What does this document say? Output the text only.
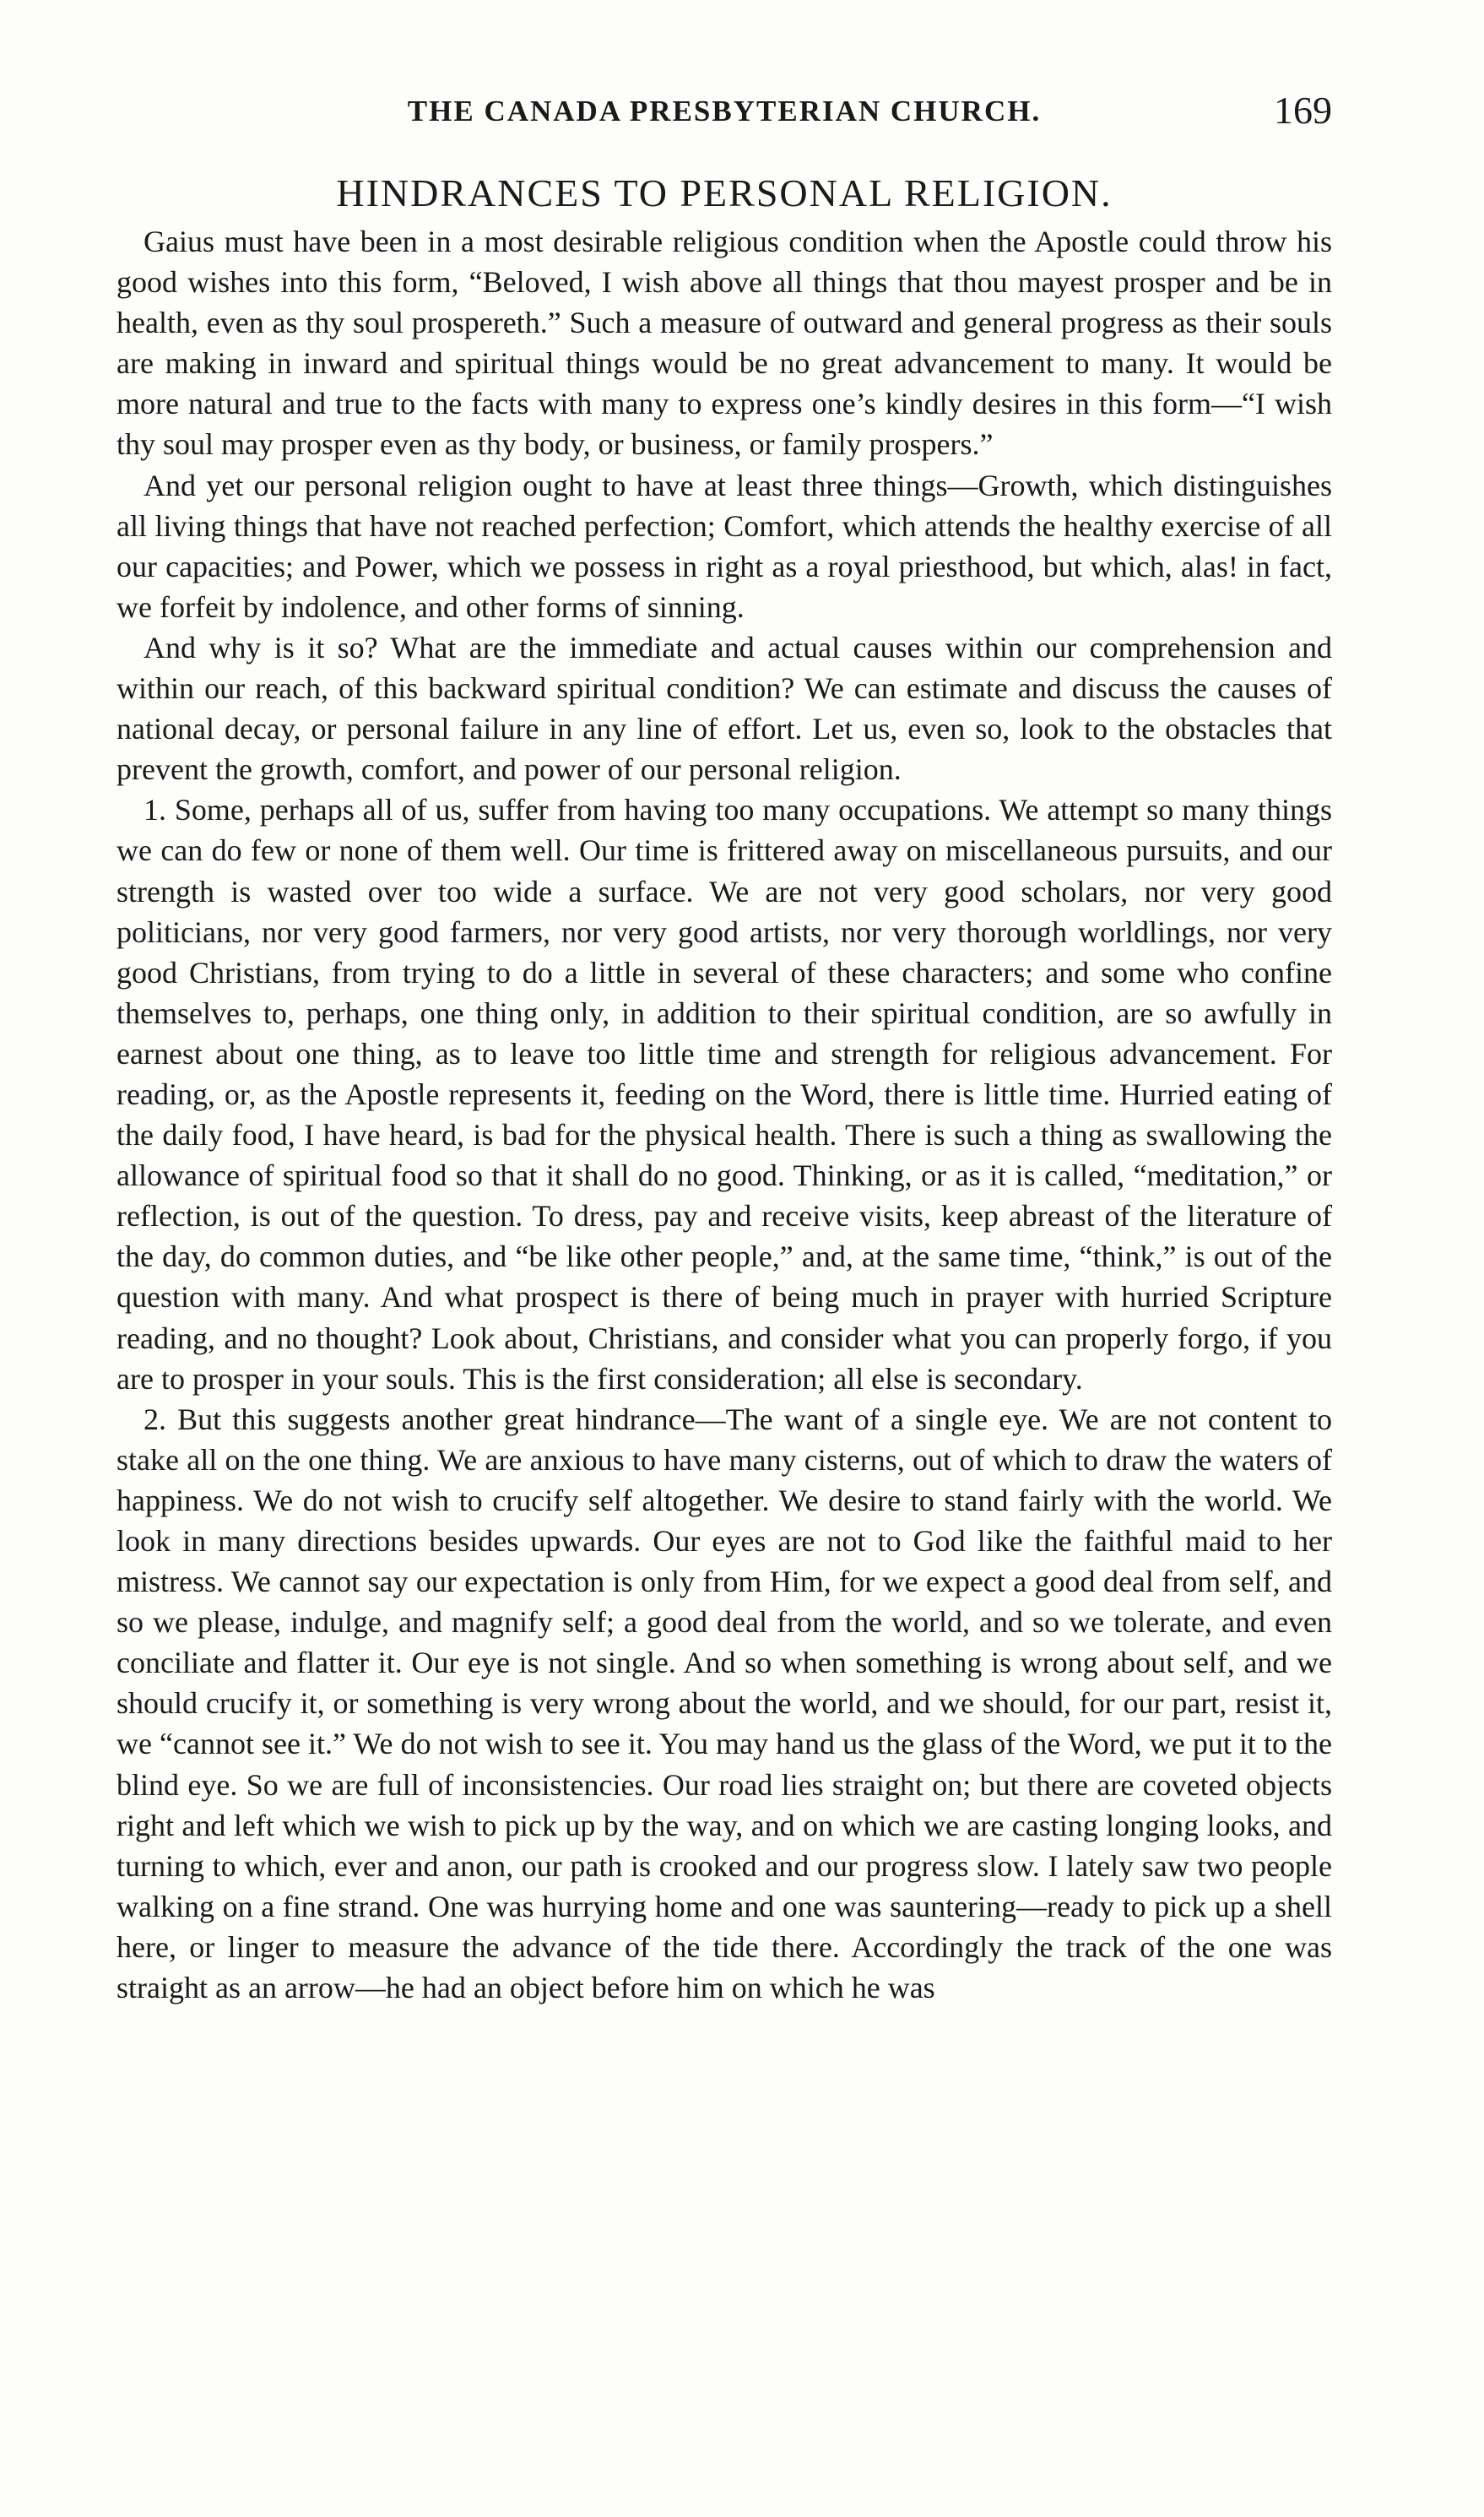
THE CANADA PRESBYTERIAN CHURCH.	169
HINDRANCES TO PERSONAL RELIGION.

Gaius must have been in a most desirable religious condition when the Apostle could throw his good wishes into this form, “Beloved, I wish above all things that thou mayest prosper and be in health, even as thy soul prospereth.” Such a measure of outward and general progress as their souls are making in inward and spiritual things would be no great advancement to many. It would be more natural and true to the facts with many to express one’s kindly desires in this form—“I wish thy soul may prosper even as thy body, or business, or family prospers.”

And yet our personal religion ought to have at least three things—Growth, which distinguishes all living things that have not reached perfection; Comfort, which attends the healthy exercise of all our capacities; and Power, which we possess in right as a royal priesthood, but which, alas! in fact, we forfeit by indolence, and other forms of sinning.

And why is it so? What are the immediate and actual causes within our comprehension and within our reach, of this backward spiritual condition? We can estimate and discuss the causes of national decay, or personal failure in any line of effort. Let us, even so, look to the obstacles that prevent the growth, comfort, and power of our personal religion.

1. Some, perhaps all of us, suffer from having too many occupations. We attempt so many things we can do few or none of them well. Our time is frittered away on miscellaneous pursuits, and our strength is wasted over too wide a surface. We are not very good scholars, nor very good politicians, nor very good farmers, nor very good artists, nor very thorough worldlings, nor very good Christians, from trying to do a little in several of these characters; and some who confine themselves to, perhaps, one thing only, in addition to their spiritual condition, are so awfully in earnest about one thing, as to leave too little time and strength for religious advancement. For reading, or, as the Apostle represents it, feeding on the Word, there is little time. Hurried eating of the daily food, I have heard, is bad for the physical health. There is such a thing as swallowing the allowance of spiritual food so that it shall do no good. Thinking, or as it is called, “meditation,” or reflection, is out of the question. To dress, pay and receive visits, keep abreast of the literature of the day, do common duties, and “be like other people,” and, at the same time, “think,” is out of the question with many. And what prospect is there of being much in prayer with hurried Scripture reading, and no thought? Look about, Christians, and consider what you can properly forgo, if you are to prosper in your souls. This is the first consideration; all else is secondary.

2. But this suggests another great hindrance—The want of a single eye. We are not content to stake all on the one thing. We are anxious to have many cisterns, out of which to draw the waters of happiness. We do not wish to crucify self altogether. We desire to stand fairly with the world. We look in many directions besides upwards. Our eyes are not to God like the faithful maid to her mistress. We cannot say our expectation is only from Him, for we expect a good deal from self, and so we please, indulge, and magnify self; a good deal from the world, and so we tolerate, and even conciliate and flatter it. Our eye is not single. And so when something is wrong about self, and we should crucify it, or something is very wrong about the world, and we should, for our part, resist it, we “cannot see it.” We do not wish to see it. You may hand us the glass of the Word, we put it to the blind eye. So we are full of inconsistencies. Our road lies straight on; but there are coveted objects right and left which we wish to pick up by the way, and on which we are casting longing looks, and turning to which, ever and anon, our path is crooked and our progress slow. I lately saw two people walking on a fine strand. One was hurrying home and one was sauntering—ready to pick up a shell here, or linger to measure the advance of the tide there. Accordingly the track of the one was straight as an arrow—he had an object before him on which he was
